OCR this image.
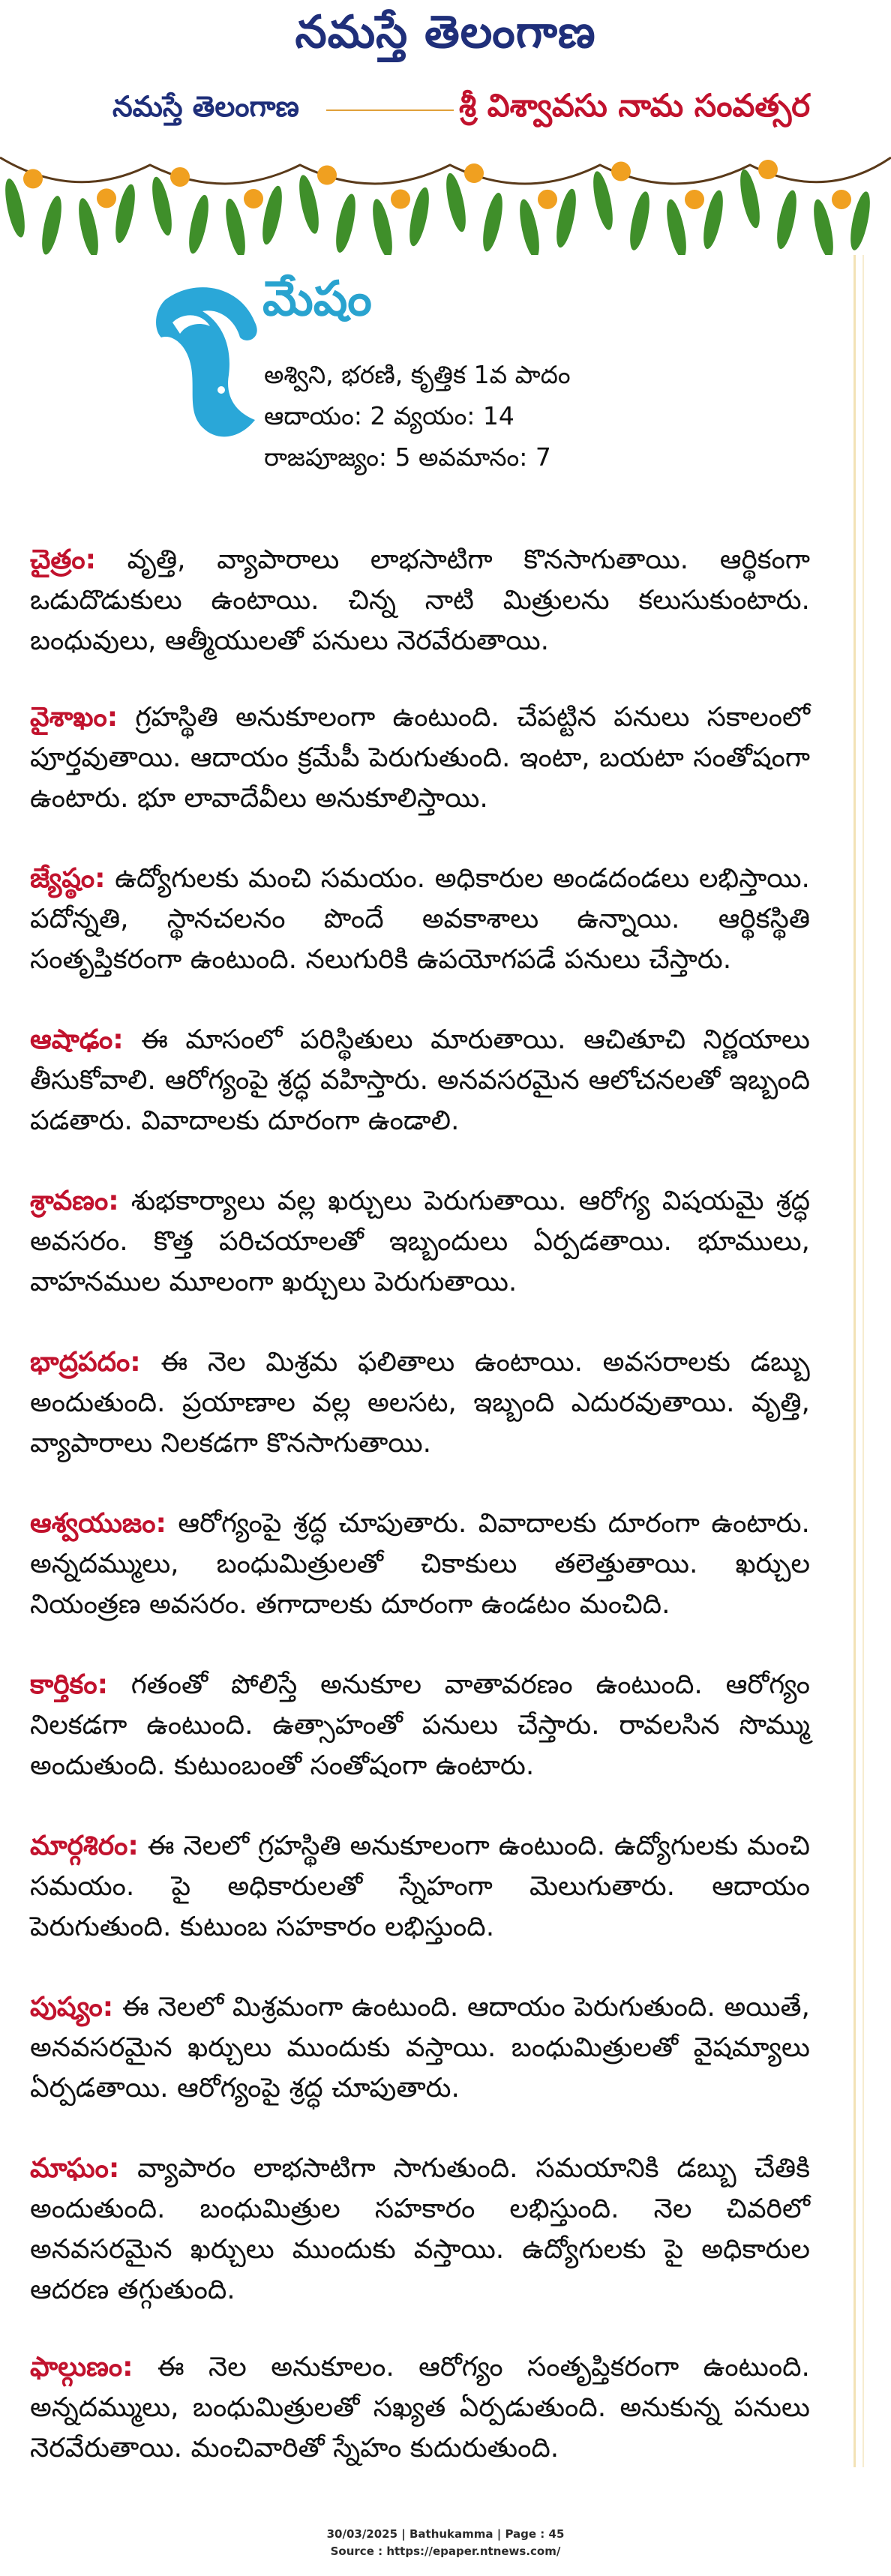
నమస్తే తెలంగాణ
నమస్తే తెలంగాణ	శ్రీ విశ్వావసు నామ సంవత్సర
మేషం
అశ్విని, భరణి, కృత్తిక 1వ పాదం
ఆదాయం: 2 వ్యయం: 14
రాజపూజ్యం: 5 అవమానం: 7
చైత్రం: వృత్తి, వ్యాపారాలు లాభసాటిగా కొనసాగుతాయి. ఆర్థికంగా ఒడుదొడుకులు ఉంటాయి. చిన్న నాటి మిత్రులను కలుసుకుంటారు. బంధువులు, ఆత్మీయులతో పనులు నెరవేరుతాయి.
వైశాఖం: గ్రహస్థితి అనుకూలంగా ఉంటుంది. చేపట్టిన పనులు సకాలంలో పూర్తవుతాయి. ఆదాయం క్రమేపీ పెరుగుతుంది. ఇంటా, బయటా సంతోషంగా ఉంటారు. భూ లావాదేవీలు అనుకూలిస్తాయి.
జ్యేష్ఠం: ఉద్యోగులకు మంచి సమయం. అధికారుల అండదండలు లభిస్తాయి. పదోన్నతి, స్థానచలనం పొందే అవకాశాలు ఉన్నాయి. ఆర్థికస్థితి సంతృప్తికరంగా ఉంటుంది. నలుగురికి ఉపయోగపడే పనులు చేస్తారు.
ఆషాఢం: ఈ మాసంలో పరిస్థితులు మారుతాయి. ఆచితూచి నిర్ణయాలు తీసుకోవాలి. ఆరోగ్యంపై శ్రద్ధ వహిస్తారు. అనవసరమైన ఆలోచనలతో ఇబ్బంది పడతారు. వివాదాలకు దూరంగా ఉండాలి.
శ్రావణం: శుభకార్యాలు వల్ల ఖర్చులు పెరుగుతాయి. ఆరోగ్య విషయమై శ్రద్ధ అవసరం. కొత్త పరిచయాలతో ఇబ్బందులు ఏర్పడతాయి. భూములు, వాహనముల మూలంగా ఖర్చులు పెరుగుతాయి.
భాద్రపదం: ఈ నెల మిశ్రమ ఫలితాలు ఉంటాయి. అవసరాలకు డబ్బు అందుతుంది. ప్రయాణాల వల్ల అలసట, ఇబ్బంది ఎదురవుతాయి. వృత్తి, వ్యాపారాలు నిలకడగా కొనసాగుతాయి.
ఆశ్వయుజం: ఆరోగ్యంపై శ్రద్ధ చూపుతారు. వివాదాలకు దూరంగా ఉంటారు. అన్నదమ్ములు, బంధుమిత్రులతో చికాకులు తలెత్తుతాయి. ఖర్చుల నియంత్రణ అవసరం. తగాదాలకు దూరంగా ఉండటం మంచిది.
కార్తికం: గతంతో పోలిస్తే అనుకూల వాతావరణం ఉంటుంది. ఆరోగ్యం నిలకడగా ఉంటుంది. ఉత్సాహంతో పనులు చేస్తారు. రావలసిన సొమ్ము అందుతుంది. కుటుంబంతో సంతోషంగా ఉంటారు.
మార్గశిరం: ఈ నెలలో గ్రహస్థితి అనుకూలంగా ఉంటుంది. ఉద్యోగులకు మంచి సమయం. పై అధికారులతో స్నేహంగా మెలుగుతారు. ఆదాయం పెరుగుతుంది. కుటుంబ సహకారం లభిస్తుంది.
పుష్యం: ఈ నెలలో మిశ్రమంగా ఉంటుంది. ఆదాయం పెరుగుతుంది. అయితే, అనవసరమైన ఖర్చులు ముందుకు వస్తాయి. బంధుమిత్రులతో వైషమ్యాలు ఏర్పడతాయి. ఆరోగ్యంపై శ్రద్ధ చూపుతారు.
మాఘం: వ్యాపారం లాభసాటిగా సాగుతుంది. సమయానికి డబ్బు చేతికి అందుతుంది. బంధుమిత్రుల సహకారం లభిస్తుంది. నెల చివరిలో అనవసరమైన ఖర్చులు ముందుకు వస్తాయి. ఉద్యోగులకు పై అధికారుల ఆదరణ తగ్గుతుంది.
ఫాల్గుణం: ఈ నెల అనుకూలం. ఆరోగ్యం సంతృప్తికరంగా ఉంటుంది. అన్నదమ్ములు, బంధుమిత్రులతో సఖ్యత ఏర్పడుతుంది. అనుకున్న పనులు నెరవేరుతాయి. మంచివారితో స్నేహం కుదురుతుంది.
30/03/2025 | Bathukamma | Page : 45
Source : https://epaper.ntnews.com/
